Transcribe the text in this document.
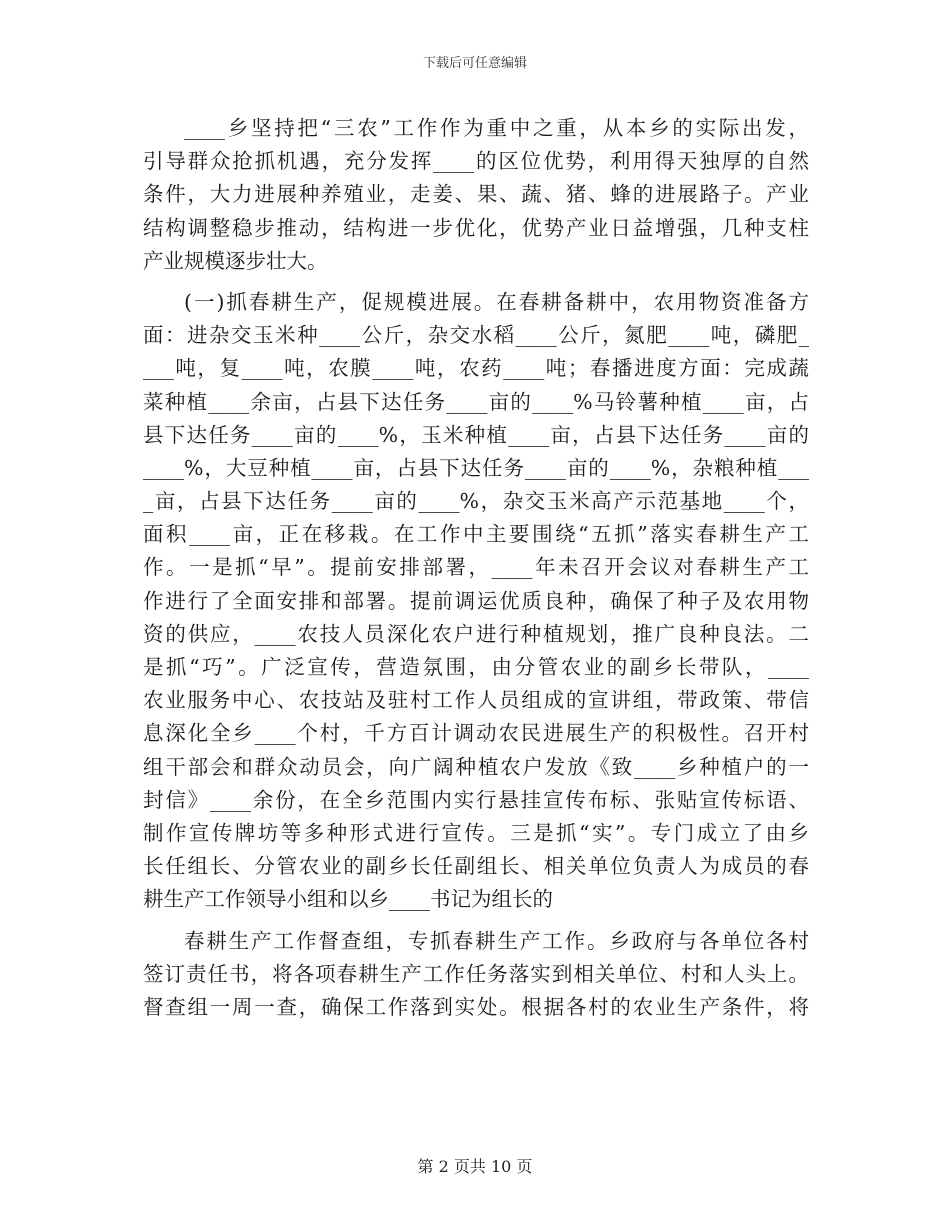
下载后可任意编辑
____乡坚持把“三农”工作作为重中之重，从本乡的实际出发，
引导群众抢抓机遇，充分发挥____的区位优势，利用得天独厚的自然
条件，大力进展种养殖业，走姜、果、蔬、猪、蜂的进展路子。产业
结构调整稳步推动，结构进一步优化，优势产业日益增强，几种支柱
产业规模逐步壮大。
(一)抓春耕生产，促规模进展。在春耕备耕中，农用物资准备方
面：进杂交玉米种____公斤，杂交水稻____公斤，氮肥____吨，磷肥_
___吨，复____吨，农膜____吨，农药____吨；春播进度方面：完成蔬
菜种植____余亩，占县下达任务____亩的____%马铃薯种植____亩，占
县下达任务____亩的____%，玉米种植____亩，占县下达任务____亩的
____%，大豆种植____亩，占县下达任务____亩的____%，杂粮种植___
_亩，占县下达任务____亩的____%，杂交玉米高产示范基地____个，
面积____亩，正在移栽。在工作中主要围绕“五抓”落实春耕生产工
作。一是抓“早”。提前安排部署，____年未召开会议对春耕生产工
作进行了全面安排和部署。提前调运优质良种，确保了种子及农用物
资的供应，____农技人员深化农户进行种植规划，推广良种良法。二
是抓“巧”。广泛宣传，营造氛围，由分管农业的副乡长带队，____
农业服务中心、农技站及驻村工作人员组成的宣讲组，带政策、带信
息深化全乡____个村，千方百计调动农民进展生产的积极性。召开村
组干部会和群众动员会，向广阔种植农户发放《致____乡种植户的一
封信》____余份，在全乡范围内实行悬挂宣传布标、张贴宣传标语、
制作宣传牌坊等多种形式进行宣传。三是抓“实”。专门成立了由乡
长任组长、分管农业的副乡长任副组长、相关单位负责人为成员的春
耕生产工作领导小组和以乡____书记为组长的
春耕生产工作督查组，专抓春耕生产工作。乡政府与各单位各村
签订责任书，将各项春耕生产工作任务落实到相关单位、村和人头上。
督查组一周一查，确保工作落到实处。根据各村的农业生产条件，将
第 2 页共 10 页
